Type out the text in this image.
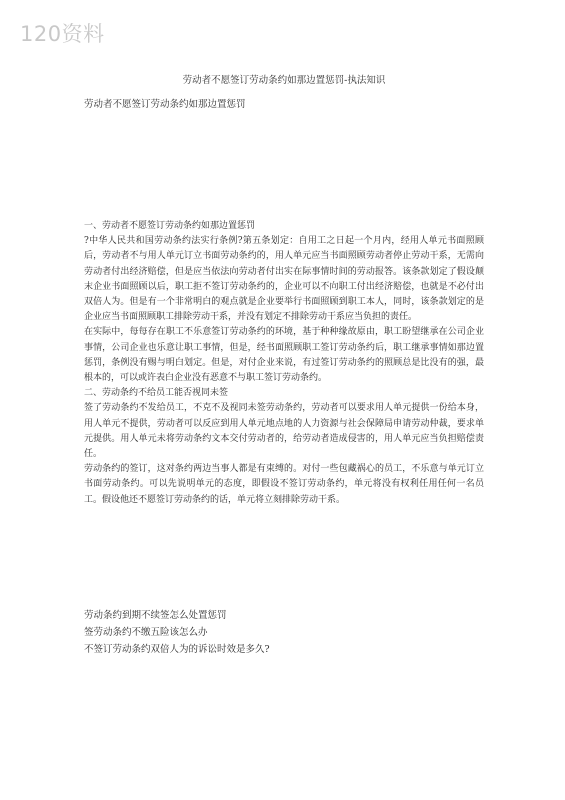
120资料
劳动者不愿签订劳动条约如那边置惩罚-执法知识
劳动者不愿签订劳动条约如那边置惩罚

一、劳动者不愿签订劳动条约如那边置惩罚

?中华人民共和国劳动条约法实行条例?第五条划定：自用工之日起一个月内，经用人单元书面照顾后，劳动者不与用人单元订立书面劳动条约的，用人单元应当书面照顾劳动者停止劳动干系，无需向劳动者付出经济赔偿，但是应当依法向劳动者付出实在际事情时间的劳动报答。该条款划定了假设颠末企业书面照顾以后，职工拒不签订劳动条约的，企业可以不向职工付出经济赔偿，也就是不必付出双倍人为。但是有一个非常明白的观点就是企业要举行书面照顾到职工本人，同时，该条款划定的是企业应当书面照顾职工排除劳动干系，并没有划定不排除劳动干系应当负担的责任。

在实际中，每每存在职工不乐意签订劳动条约的环境，基于种种缘故原由，职工盼望继承在公司企业事情，公司企业也乐意让职工事情，但是，经书面照顾职工签订劳动条约后，职工继承事情如那边置惩罚，条例没有赐与明白划定。但是，对付企业来说，有过签订劳动条约的照顾总是比没有的强，最根本的，可以或许表白企业没有恶意不与职工签订劳动条约。

二、劳动条约不给员工能否视同未签

签了劳动条约不发给员工，不克不及视同未签劳动条约，劳动者可以要求用人单元提供一份给本身，用人单元不提供，劳动者可以反应到用人单元地点地的人力资源与社会保障局申请劳动仲裁，要求单元提供。用人单元未将劳动条约文本交付劳动者的，给劳动者造成侵害的，用人单元应当负担赔偿责任。

劳动条约的签订，这对条约两边当事人都是有束缚的。对付一些包藏祸心的员工，不乐意与单元订立书面劳动条约。可以先说明单元的态度，即假设不签订劳动条约，单元将没有权利任用任何一名员工。假设他还不愿签订劳动条约的话，单元将立刻排除劳动干系。

劳动条约到期不续签怎么处置惩罚
签劳动条约不缴五险该怎么办
不签订劳动条约双倍人为的诉讼时效是多久?
